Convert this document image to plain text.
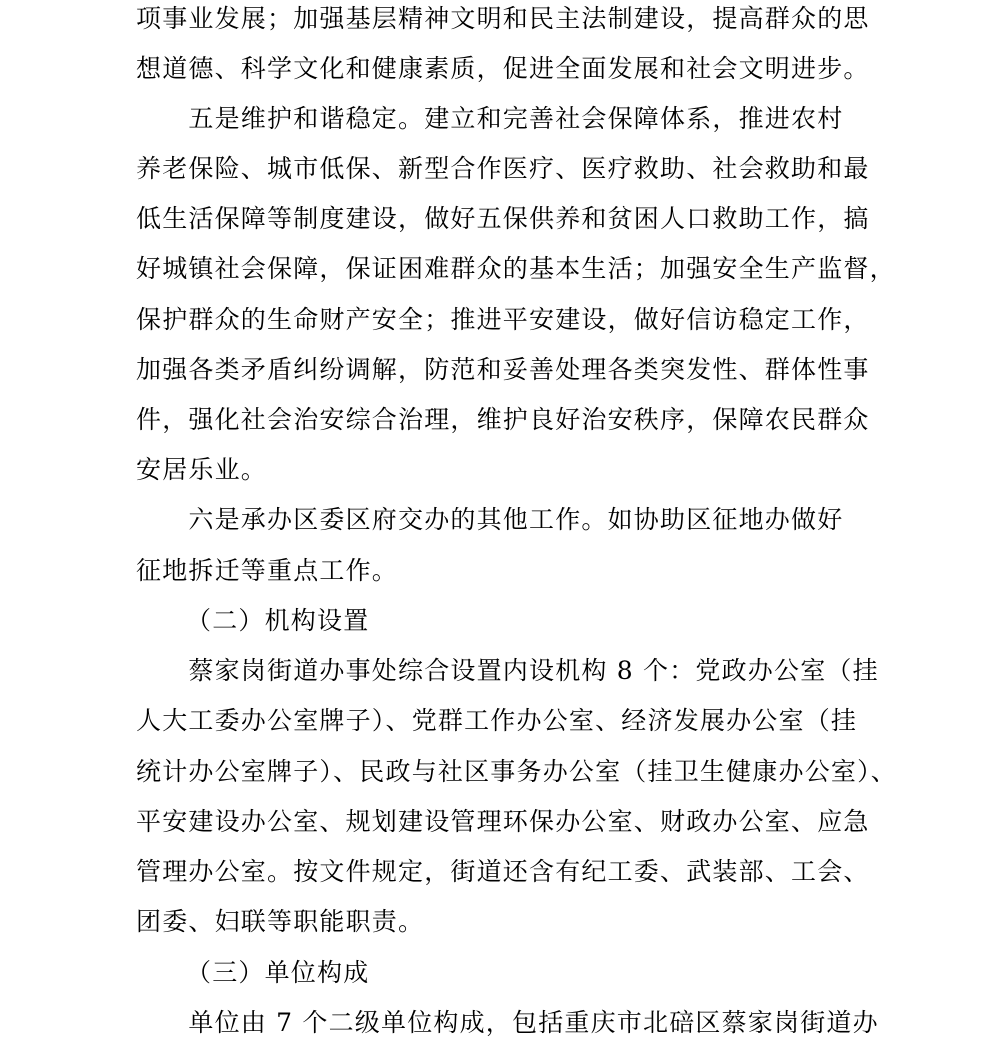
项事业发展；加强基层精神文明和民主法制建设，提高群众的思
想道德、科学文化和健康素质，促进全面发展和社会文明进步。
　　五是维护和谐稳定。建立和完善社会保障体系，推进农村
养老保险、城市低保、新型合作医疗、医疗救助、社会救助和最
低生活保障等制度建设，做好五保供养和贫困人口救助工作，搞
好城镇社会保障，保证困难群众的基本生活；加强安全生产监督，
保护群众的生命财产安全；推进平安建设，做好信访稳定工作，
加强各类矛盾纠纷调解，防范和妥善处理各类突发性、群体性事
件，强化社会治安综合治理，维护良好治安秩序，保障农民群众
安居乐业。
　　六是承办区委区府交办的其他工作。如协助区征地办做好
征地拆迁等重点工作。
（二）机构设置
　　蔡家岗街道办事处综合设置内设机构 8 个：党政办公室（挂
人大工委办公室牌子）、党群工作办公室、经济发展办公室（挂
统计办公室牌子）、民政与社区事务办公室（挂卫生健康办公室）、
平安建设办公室、规划建设管理环保办公室、财政办公室、应急
管理办公室。按文件规定，街道还含有纪工委、武装部、工会、
团委、妇联等职能职责。
（三）单位构成
　　单位由 7 个二级单位构成，包括重庆市北碚区蔡家岗街道办
